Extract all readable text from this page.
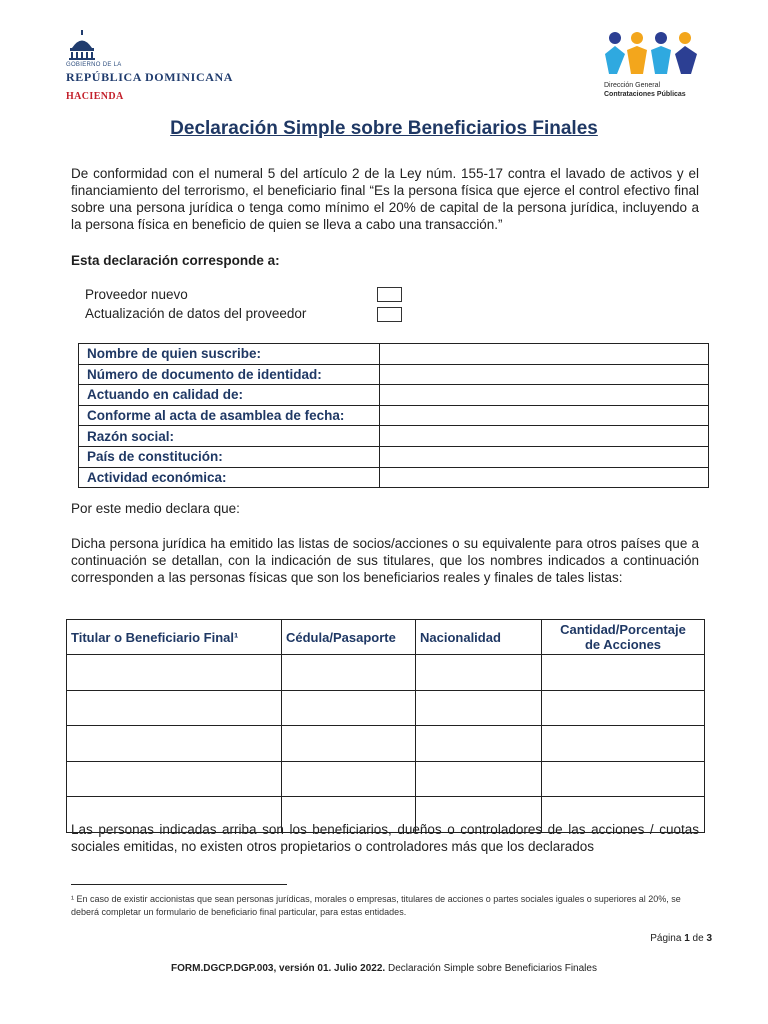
GOBIERNO DE LA
REPÚBLICA DOMINICANA
HACIENDA
Dirección General
Contrataciones Públicas
Declaración Simple sobre Beneficiarios Finales
De conformidad con el numeral 5 del artículo 2 de la Ley núm. 155-17 contra el lavado de activos y el financiamiento del terrorismo, el beneficiario final “Es la persona física que ejerce el control efectivo final sobre una persona jurídica o tenga como mínimo el 20% de capital de la persona jurídica, incluyendo a la persona física en beneficio de quien se lleva a cabo una transacción.”
Esta declaración corresponde a:
Proveedor nuevo
Actualización de datos del proveedor
Nombre de quien suscribe:	
Número de documento de identidad:	
Actuando en calidad de:	
Conforme al acta de asamblea de fecha:	
Razón social:	
País de constitución:	
Actividad económica:	
Por este medio declara que:
Dicha persona jurídica ha emitido las listas de socios/acciones o su equivalente para otros países que a continuación se detallan, con la indicación de sus titulares, que los nombres indicados a continuación corresponden a las personas físicas que son los beneficiarios reales y finales de tales listas:
Titular o Beneficiario Final¹	Cédula/Pasaporte	Nacionalidad	Cantidad/Porcentaje
de Acciones

Las personas indicadas arriba son los beneficiarios, dueños o controladores de las acciones / cuotas sociales emitidas, no existen otros propietarios o controladores más que los declarados
¹ En caso de existir accionistas que sean personas jurídicas, morales o empresas, titulares de acciones o partes sociales iguales o superiores al 20%, se deberá completar un formulario de beneficiario final particular, para estas entidades.
Página 1 de 3
FORM.DGCP.DGP.003, versión 01. Julio 2022. Declaración Simple sobre Beneficiarios Finales
